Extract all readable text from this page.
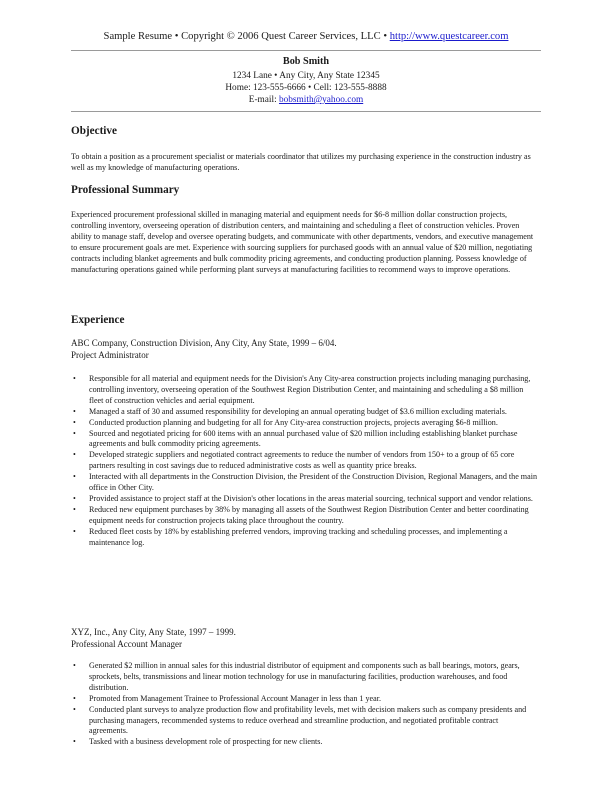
Sample Resume • Copyright © 2006 Quest Career Services, LLC • http://www.questcareer.com
Bob Smith
1234 Lane • Any City, Any State 12345
Home: 123-555-6666 • Cell: 123-555-8888
E-mail: bobsmith@yahoo.com
Objective
To obtain a position as a procurement specialist or materials coordinator that utilizes my purchasing experience in the construction industry as well as my knowledge of manufacturing operations.
Professional Summary
Experienced procurement professional skilled in managing material and equipment needs for $6-8 million dollar construction projects, controlling inventory, overseeing operation of distribution centers, and maintaining and scheduling a fleet of construction vehicles. Proven ability to manage staff, develop and oversee operating budgets, and communicate with other departments, vendors, and executive management to ensure procurement goals are met. Experience with sourcing suppliers for purchased goods with an annual value of $20 million, negotiating contracts including blanket agreements and bulk commodity pricing agreements, and conducting production planning. Possess knowledge of manufacturing operations gained while performing plant surveys at manufacturing facilities to recommend ways to improve operations.
Experience
ABC Company, Construction Division, Any City, Any State, 1999 – 6/04.
Project Administrator
• Responsible for all material and equipment needs for the Division's Any City-area construction projects including managing purchasing, controlling inventory, overseeing operation of the Southwest Region Distribution Center, and maintaining and scheduling a $8 million fleet of construction vehicles and aerial equipment.
• Managed a staff of 30 and assumed responsibility for developing an annual operating budget of $3.6 million excluding materials.
• Conducted production planning and budgeting for all for Any City-area construction projects, projects averaging $6-8 million.
• Sourced and negotiated pricing for 600 items with an annual purchased value of $20 million including establishing blanket purchase agreements and bulk commodity pricing agreements.
• Developed strategic suppliers and negotiated contract agreements to reduce the number of vendors from 150+ to a group of 65 core partners resulting in cost savings due to reduced administrative costs as well as quantity price breaks.
• Interacted with all departments in the Construction Division, the President of the Construction Division, Regional Managers, and the main office in Other City.
• Provided assistance to project staff at the Division's other locations in the areas material sourcing, technical support and vendor relations.
• Reduced new equipment purchases by 38% by managing all assets of the Southwest Region Distribution Center and better coordinating equipment needs for construction projects taking place throughout the country.
• Reduced fleet costs by 18% by establishing preferred vendors, improving tracking and scheduling processes, and implementing a maintenance log.
XYZ, Inc., Any City, Any State, 1997 – 1999.
Professional Account Manager
• Generated $2 million in annual sales for this industrial distributor of equipment and components such as ball bearings, motors, gears, sprockets, belts, transmissions and linear motion technology for use in manufacturing facilities, production warehouses, and food distribution.
• Promoted from Management Trainee to Professional Account Manager in less than 1 year.
• Conducted plant surveys to analyze production flow and profitability levels, met with decision makers such as company presidents and purchasing managers, recommended systems to reduce overhead and streamline production, and negotiated profitable contract agreements.
• Tasked with a business development role of prospecting for new clients.
